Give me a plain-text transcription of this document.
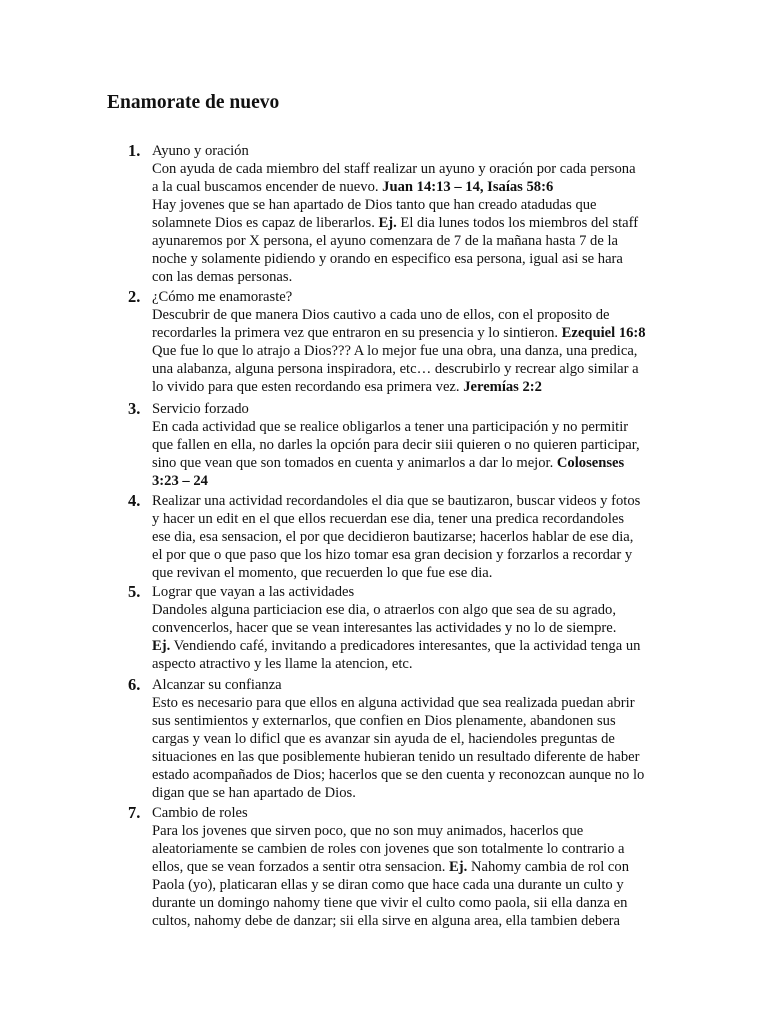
Enamorate de nuevo
1. Ayuno y oración
Con ayuda de cada miembro del staff realizar un ayuno y oración por cada persona
a la cual buscamos encender de nuevo. Juan 14:13 – 14, Isaías 58:6
Hay jovenes que se han apartado de Dios tanto que han creado atadudas que
solamnete Dios es capaz de liberarlos. Ej. El dia lunes todos los miembros del staff
ayunaremos por X persona, el ayuno comenzara de 7 de la mañana hasta 7 de la
noche y solamente pidiendo y orando en especifico esa persona, igual asi se hara
con las demas personas.
2. ¿Cómo me enamoraste?
Descubrir de que manera Dios cautivo a cada uno de ellos, con el proposito de
recordarles la primera vez que entraron en su presencia y lo sintieron. Ezequiel 16:8
Que fue lo que lo atrajo a Dios??? A lo mejor fue una obra, una danza, una predica,
una alabanza, alguna persona inspiradora, etc… descrubirlo y recrear algo similar a
lo vivido para que esten recordando esa primera vez. Jeremías 2:2
3. Servicio forzado
En cada actividad que se realice obligarlos a tener una participación y no permitir
que fallen en ella, no darles la opción para decir siii quieren o no quieren participar,
sino que vean que son tomados en cuenta y animarlos a dar lo mejor. Colosenses
3:23 – 24
4. Realizar una actividad recordandoles el dia que se bautizaron, buscar videos y fotos
y hacer un edit en el que ellos recuerdan ese dia, tener una predica recordandoles
ese dia, esa sensacion, el por que decidieron bautizarse; hacerlos hablar de ese dia,
el por que o que paso que los hizo tomar esa gran decision y forzarlos a recordar y
que revivan el momento, que recuerden lo que fue ese dia.
5. Lograr que vayan a las actividades
Dandoles alguna particiacion ese dia, o atraerlos con algo que sea de su agrado,
convencerlos, hacer que se vean interesantes las actividades y no lo de siempre.
Ej. Vendiendo café, invitando a predicadores interesantes, que la actividad tenga un
aspecto atractivo y les llame la atencion, etc.
6. Alcanzar su confianza
Esto es necesario para que ellos en alguna actividad que sea realizada puedan abrir
sus sentimientos y externarlos, que confien en Dios plenamente, abandonen sus
cargas y vean lo dificl que es avanzar sin ayuda de el, haciendoles preguntas de
situaciones en las que posiblemente hubieran tenido un resultado diferente de haber
estado acompañados de Dios; hacerlos que se den cuenta y reconozcan aunque no lo
digan que se han apartado de Dios.
7. Cambio de roles
Para los jovenes que sirven poco, que no son muy animados, hacerlos que
aleatoriamente se cambien de roles con jovenes que son totalmente lo contrario a
ellos, que se vean forzados a sentir otra sensacion. Ej. Nahomy cambia de rol con
Paola (yo), platicaran ellas y se diran como que hace cada una durante un culto y
durante un domingo nahomy tiene que vivir el culto como paola, sii ella danza en
cultos, nahomy debe de danzar; sii ella sirve en alguna area, ella tambien debera
